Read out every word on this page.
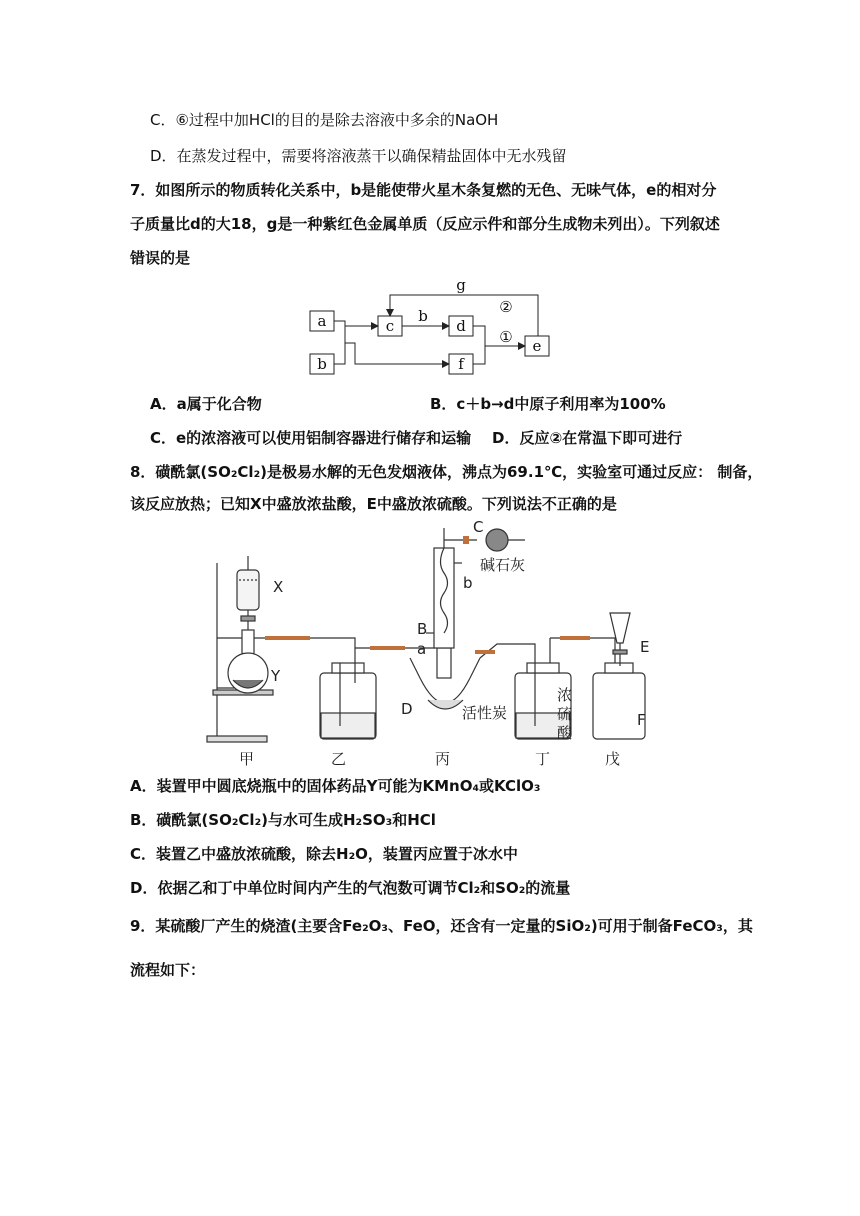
C．⑥过程中加HCl的目的是除去溶液中多余的NaOH
D．在蒸发过程中，需要将溶液蒸干以确保精盐固体中无水残留
7．如图所示的物质转化关系中，b是能使带火星木条复燃的无色、无味气体，e的相对分
子质量比d的大18，g是一种紫红色金属单质（反应示件和部分生成物未列出）。下列叙述
错误的是
a
b
c	d
f
e
g
b	②
①
A．a属于化合物	B．c＋b→d中原子利用率为100%
C．e的浓溶液可以使用铝制容器进行储存和运输 D．反应②在常温下即可进行
8．磺酰氯(SO₂Cl₂)是极易水解的无色发烟液体，沸点为69.1℃，实验室可通过反应： 制备，
该反应放热；已知X中盛放浓盐酸，E中盛放浓硫酸。下列说法不正确的是
X
Y
C
碱石灰
b
B
a
D	活性炭
浓
硫
酸
E
F
甲	乙	丙	丁	戊
A．装置甲中圆底烧瓶中的固体药品Y可能为KMnO₄或KClO₃
B．磺酰氯(SO₂Cl₂)与水可生成H₂SO₃和HCl
C．装置乙中盛放浓硫酸，除去H₂O，装置丙应置于冰水中
D．依据乙和丁中单位时间内产生的气泡数可调节Cl₂和SO₂的流量
9．某硫酸厂产生的烧渣(主要含Fe₂O₃、FeO，还含有一定量的SiO₂)可用于制备FeCO₃，其
流程如下：
